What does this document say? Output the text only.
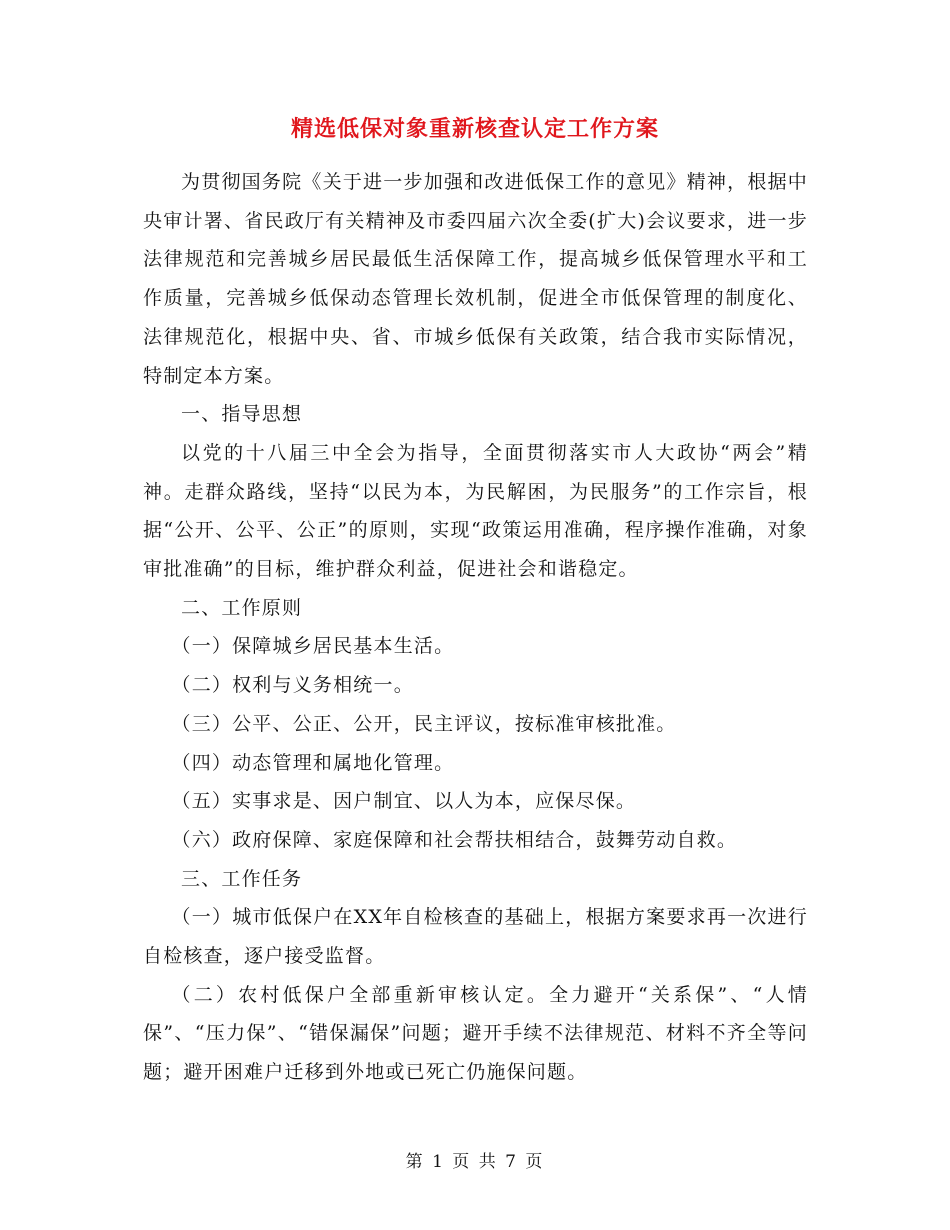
精选低保对象重新核查认定工作方案

为贯彻国务院《关于进一步加强和改进低保工作的意见》精神，根据中央审计署、省民政厅有关精神及市委四届六次全委(扩大)会议要求，进一步法律规范和完善城乡居民最低生活保障工作，提高城乡低保管理水平和工作质量，完善城乡低保动态管理长效机制，促进全市低保管理的制度化、法律规范化，根据中央、省、市城乡低保有关政策，结合我市实际情况，特制定本方案。

一、指导思想

以党的十八届三中全会为指导，全面贯彻落实市人大政协“两会”精神。走群众路线，坚持“以民为本，为民解困，为民服务”的工作宗旨，根据“公开、公平、公正”的原则，实现“政策运用准确，程序操作准确，对象审批准确”的目标，维护群众利益，促进社会和谐稳定。

二、工作原则

（一）保障城乡居民基本生活。

（二）权利与义务相统一。

（三）公平、公正、公开，民主评议，按标准审核批准。

（四）动态管理和属地化管理。

（五）实事求是、因户制宜、以人为本，应保尽保。

（六）政府保障、家庭保障和社会帮扶相结合，鼓舞劳动自救。

三、工作任务

（一）城市低保户在XX年自检核查的基础上，根据方案要求再一次进行自检核查，逐户接受监督。

（二）农村低保户全部重新审核认定。全力避开“关系保”、“人情保”、“压力保”、“错保漏保”问题；避开手续不法律规范、材料不齐全等问题；避开困难户迁移到外地或已死亡仍施保问题。

第 1 页 共 7 页
